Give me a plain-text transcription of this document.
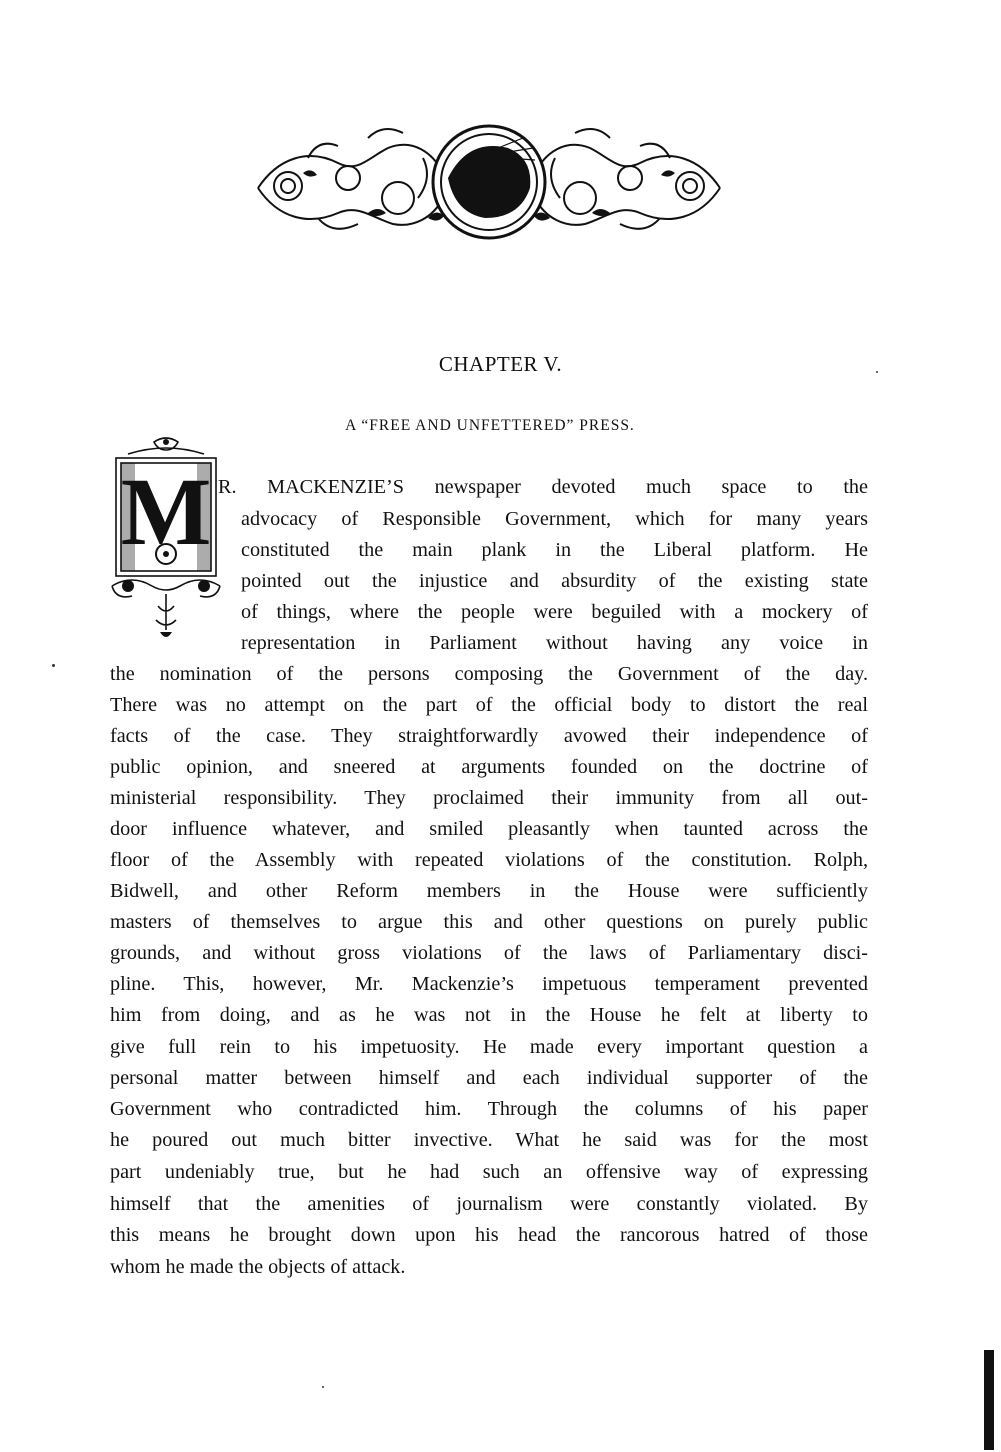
CHAPTER V.
A “FREE AND UNFETTERED” PRESS.
M R. MACKENZIE’S newspaper devoted much space to the
advocacy of Responsible Government, which for many years
constituted the main plank in the Liberal platform. He
pointed out the injustice and absurdity of the existing state
of things, where the people were beguiled with a mockery of
representation in Parliament without having any voice in
the nomination of the persons composing the Government of the day.
There was no attempt on the part of the official body to distort the real
facts of the case. They straightforwardly avowed their independence of
public opinion, and sneered at arguments founded on the doctrine of
ministerial responsibility. They proclaimed their immunity from all out-
door influence whatever, and smiled pleasantly when taunted across the
floor of the Assembly with repeated violations of the constitution. Rolph,
Bidwell, and other Reform members in the House were sufficiently
masters of themselves to argue this and other questions on purely public
grounds, and without gross violations of the laws of Parliamentary disci-
pline. This, however, Mr. Mackenzie’s impetuous temperament prevented
him from doing, and as he was not in the House he felt at liberty to
give full rein to his impetuosity. He made every important question a
personal matter between himself and each individual supporter of the
Government who contradicted him. Through the columns of his paper
he poured out much bitter invective. What he said was for the most
part undeniably true, but he had such an offensive way of expressing
himself that the amenities of journalism were constantly violated. By
this means he brought down upon his head the rancorous hatred of those
whom he made the objects of attack.
